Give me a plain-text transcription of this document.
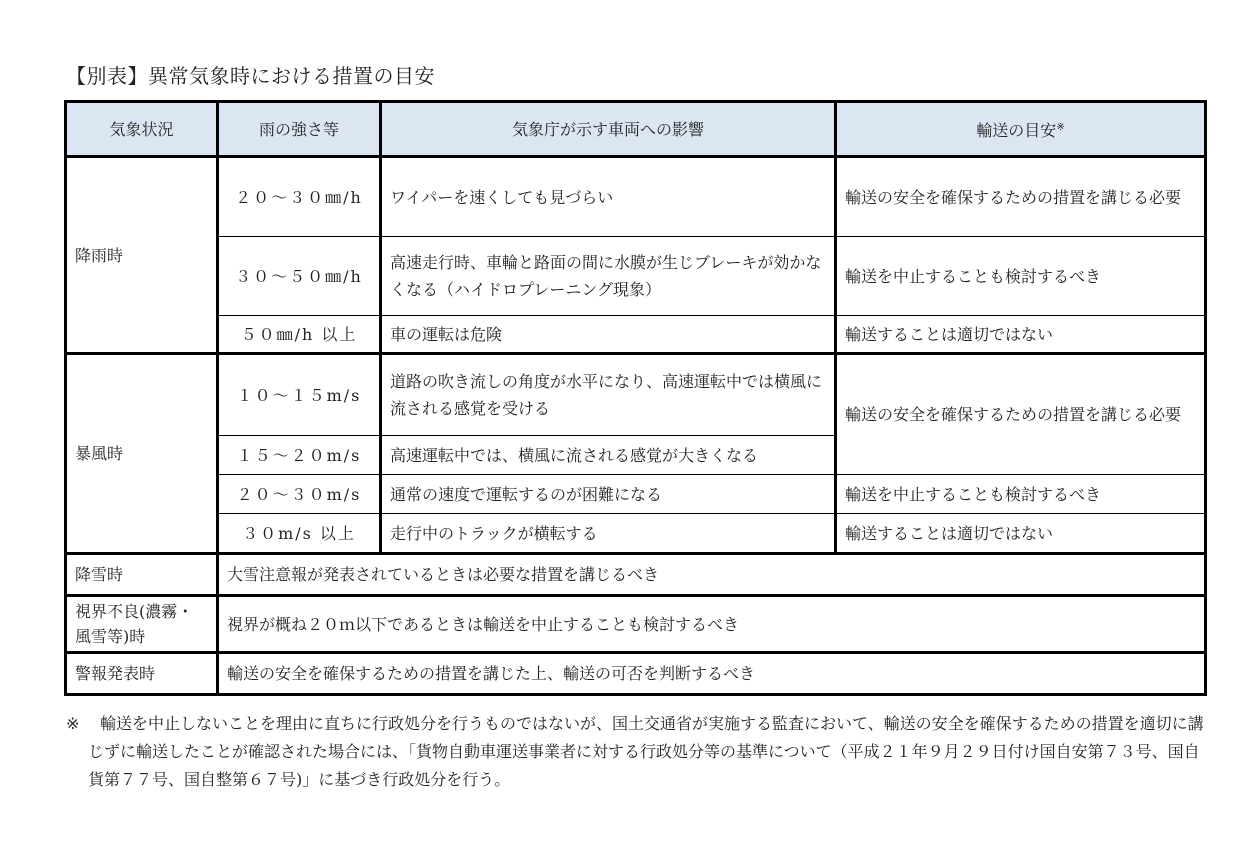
【別表】異常気象時における措置の目安
気象状況	雨の強さ等	気象庁が示す車両への影響	輸送の目安※
降雨時	２０～３０㎜/h	ワイパーを速くしても見づらい	輸送の安全を確保するための措置を講じる必要
	３０～５０㎜/h	高速走行時、車輪と路面の間に水膜が生じブレーキが効かなくなる（ハイドロプレーニング現象）	輸送を中止することも検討するべき
	５０㎜/h 以上	車の運転は危険	輸送することは適切ではない
暴風時	１０～１５m/s	道路の吹き流しの角度が水平になり、高速運転中では横風に流される感覚を受ける	輸送の安全を確保するための措置を講じる必要
	１５～２０m/s	高速運転中では、横風に流される感覚が大きくなる	
	２０～３０m/s	通常の速度で運転するのが困難になる	輸送を中止することも検討するべき
	３０m/s 以上	走行中のトラックが横転する	輸送することは適切ではない
降雪時	大雪注意報が発表されているときは必要な措置を講じるべき		
視界不良(濃霧・風雪等)時	視界が概ね２０ｍ以下であるときは輸送を中止することも検討するべき		
警報発表時	輸送の安全を確保するための措置を講じた上、輸送の可否を判断するべき		
※	輸送を中止しないことを理由に直ちに行政処分を行うものではないが、国土交通省が実施する監査において、輸送の安全を確保するための措置を適切に講じずに輸送したことが確認された場合には、「貨物自動車運送事業者に対する行政処分等の基準について（平成２１年９月２９日付け国自安第７３号、国自貨第７７号、国自整第６７号)」に基づき行政処分を行う。
